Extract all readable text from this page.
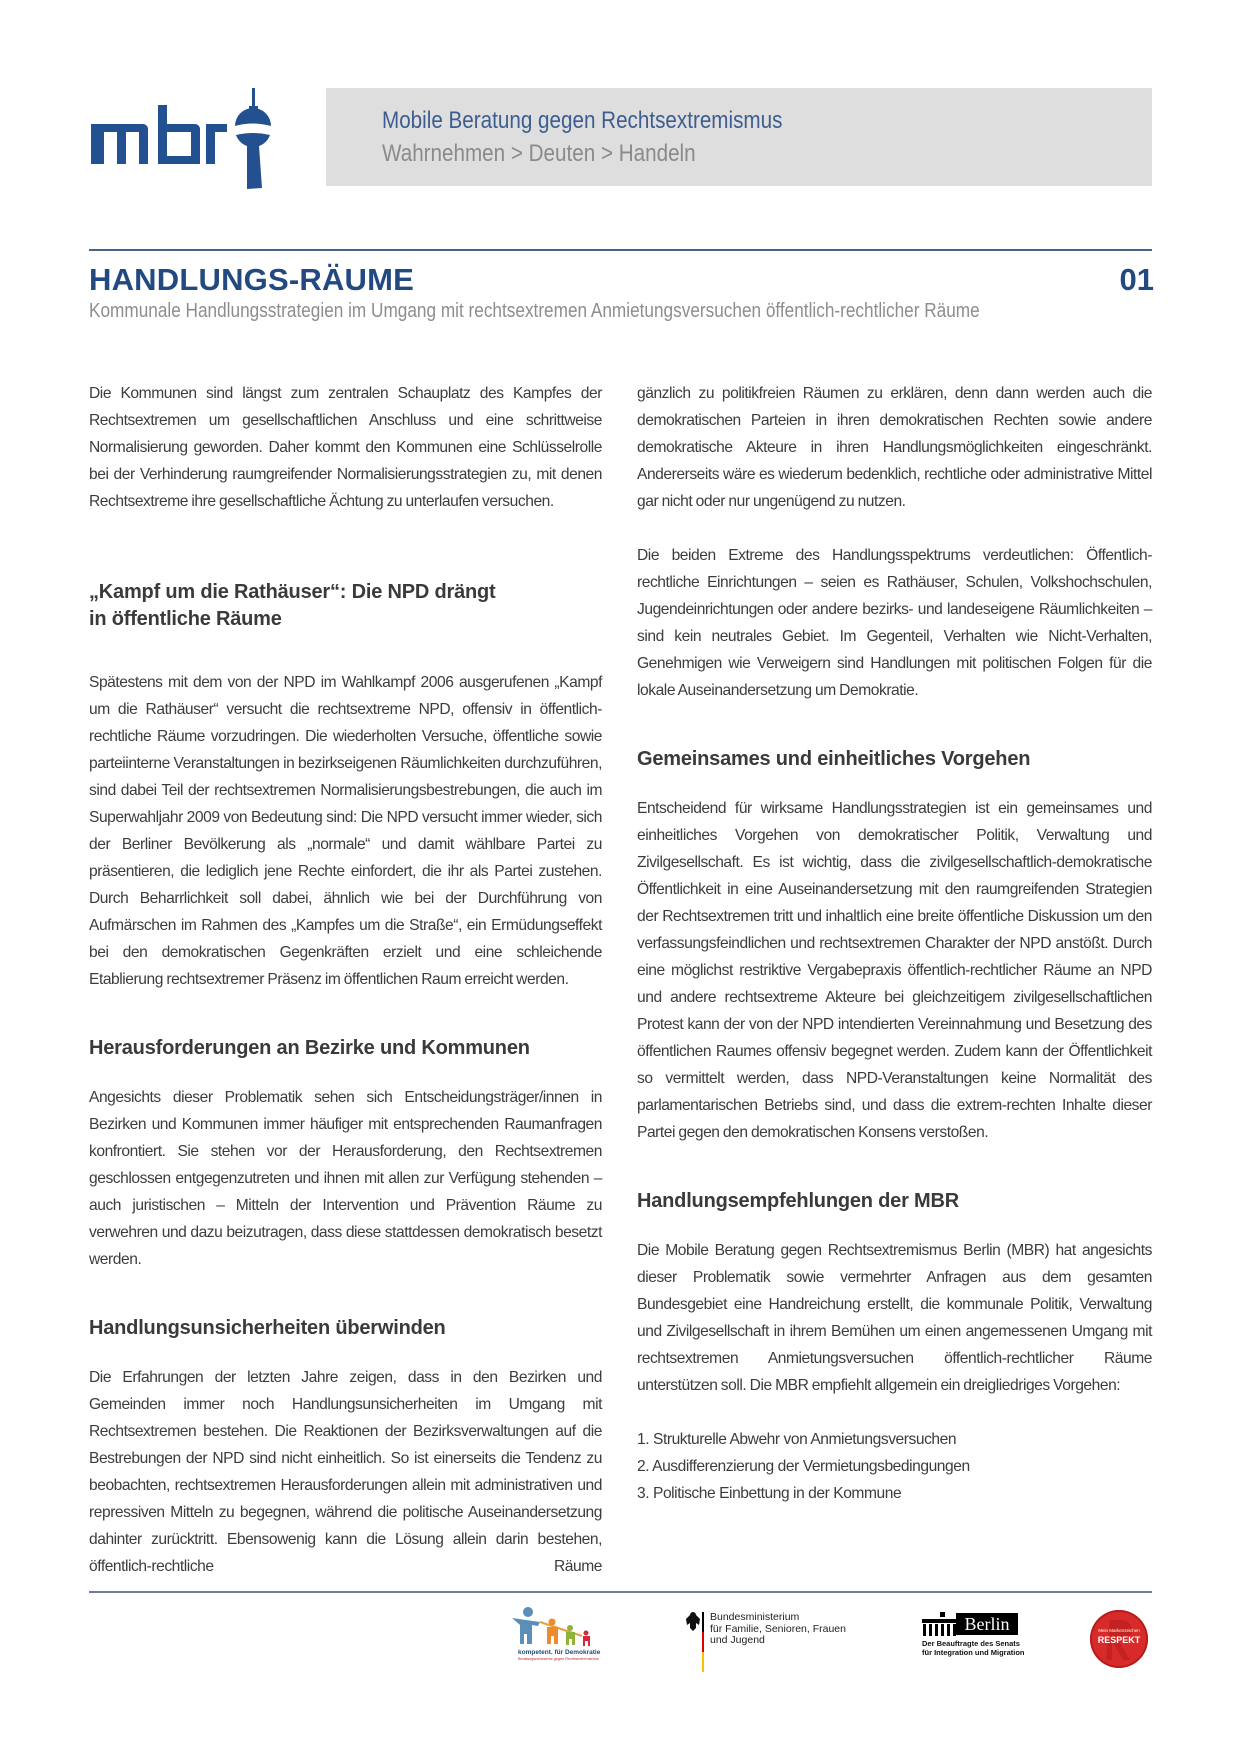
Mobile Beratung gegen Rechtsextremismus
Wahrnehmen > Deuten > Handeln
HANDLUNGS-RÄUME	01
Kommunale Handlungsstrategien im Umgang mit rechtsextremen Anmietungsversuchen öffentlich-rechtlicher Räume

Die Kommunen sind längst zum zentralen Schauplatz des Kampfes der Rechtsextremen um gesellschaftlichen Anschluss und eine schrittweise Normalisierung geworden. Daher kommt den Kommunen eine Schlüsselrolle bei der Verhinderung raumgreifender Normalisierungsstrategien zu, mit denen Rechtsextreme ihre gesellschaftliche Ächtung zu unterlaufen versuchen.

„Kampf um die Rathäuser“: Die NPD drängt
in öffentliche Räume

Spätestens mit dem von der NPD im Wahlkampf 2006 ausgerufenen „Kampf um die Rathäuser“ versucht die rechtsextreme NPD, offensiv in öffentlich-rechtliche Räume vorzudringen. Die wiederholten Versuche, öffentliche sowie parteiinterne Veranstaltungen in bezirkseigenen Räumlichkeiten durchzuführen, sind dabei Teil der rechtsextremen Normalisierungsbestrebungen, die auch im Superwahljahr 2009 von Bedeutung sind: Die NPD versucht immer wieder, sich der Berliner Bevölkerung als „normale“ und damit wählbare Partei zu präsentieren, die lediglich jene Rechte einfordert, die ihr als Partei zustehen. Durch Beharrlichkeit soll dabei, ähnlich wie bei der Durchführung von Aufmärschen im Rahmen des „Kampfes um die Straße“, ein Ermüdungseffekt bei den demokratischen Gegenkräften erzielt und eine schleichende Etablierung rechtsextremer Präsenz im öffentlichen Raum erreicht werden.

Herausforderungen an Bezirke und Kommunen

Angesichts dieser Problematik sehen sich Entscheidungsträger/innen in Bezirken und Kommunen immer häufiger mit entsprechenden Raumanfragen konfrontiert. Sie stehen vor der Herausforderung, den Rechtsextremen geschlossen entgegenzutreten und ihnen mit allen zur Verfügung stehenden – auch juristischen – Mitteln der Intervention und Prävention Räume zu verwehren und dazu beizutragen, dass diese stattdessen demokratisch besetzt werden.

Handlungsunsicherheiten überwinden

Die Erfahrungen der letzten Jahre zeigen, dass in den Bezirken und Gemeinden immer noch Handlungsunsicherheiten im Umgang mit Rechtsextremen bestehen. Die Reaktionen der Bezirksverwaltungen auf die Bestrebungen der NPD sind nicht einheitlich. So ist einerseits die Tendenz zu beobachten, rechtsextremen Herausforderungen allein mit administrativen und repressiven Mitteln zu begegnen, während die politische Auseinandersetzung dahinter zurücktritt. Ebensowenig kann die Lösung allein darin bestehen, öffentlich-rechtliche Räume

gänzlich zu politikfreien Räumen zu erklären, denn dann werden auch die demokratischen Parteien in ihren demokratischen Rechten sowie andere demokratische Akteure in ihren Handlungsmöglichkeiten eingeschränkt. Andererseits wäre es wiederum bedenklich, rechtliche oder administrative Mittel gar nicht oder nur ungenügend zu nutzen.

Die beiden Extreme des Handlungsspektrums verdeutlichen: Öffentlich-rechtliche Einrichtungen – seien es Rathäuser, Schulen, Volkshochschulen, Jugendeinrichtungen oder andere bezirks- und landeseigene Räumlichkeiten – sind kein neutrales Gebiet. Im Gegenteil, Verhalten wie Nicht-Verhalten, Genehmigen wie Verweigern sind Handlungen mit politischen Folgen für die lokale Auseinandersetzung um Demokratie.

Gemeinsames und einheitliches Vorgehen

Entscheidend für wirksame Handlungsstrategien ist ein gemeinsames und einheitliches Vorgehen von demokratischer Politik, Verwaltung und Zivilgesellschaft. Es ist wichtig, dass die zivilgesellschaftlich-demokratische Öffentlichkeit in eine Auseinandersetzung mit den raumgreifenden Strategien der Rechtsextremen tritt und inhaltlich eine breite öffentliche Diskussion um den verfassungsfeindlichen und rechtsextremen Charakter der NPD anstößt. Durch eine möglichst restriktive Vergabepraxis öffentlich-rechtlicher Räume an NPD und andere rechtsextreme Akteure bei gleichzeitigem zivilgesellschaftlichen Protest kann der von der NPD intendierten Vereinnahmung und Besetzung des öffentlichen Raumes offensiv begegnet werden. Zudem kann der Öffentlichkeit so vermittelt werden, dass NPD-Veranstaltungen keine Normalität des parlamentarischen Betriebs sind, und dass die extrem-rechten Inhalte dieser Partei gegen den demokratischen Konsens verstoßen.

Handlungsempfehlungen der MBR

Die Mobile Beratung gegen Rechtsextremismus Berlin (MBR) hat angesichts dieser Problematik sowie vermehrter Anfragen aus dem gesamten Bundesgebiet eine Handreichung erstellt, die kommunale Politik, Verwaltung und Zivilgesellschaft in ihrem Bemühen um einen angemessenen Umgang mit rechtsextremen Anmietungsversuchen öffentlich-rechtlicher Räume unterstützen soll. Die MBR empfiehlt allgemein ein dreigliedriges Vorgehen:

1. Strukturelle Abwehr von Anmietungsversuchen
2. Ausdifferenzierung der Vermietungsbedingungen
3. Politische Einbettung in der Kommune
kompetent. für Demokratie
Beratungsnetzwerke gegen Rechtsextremismus
Bundesministerium
für Familie, Senioren, Frauen
und Jugend
Berlin
Der Beauftragte des Senats
für Integration und Migration
Mein Markenzeichen
RESPEKT
